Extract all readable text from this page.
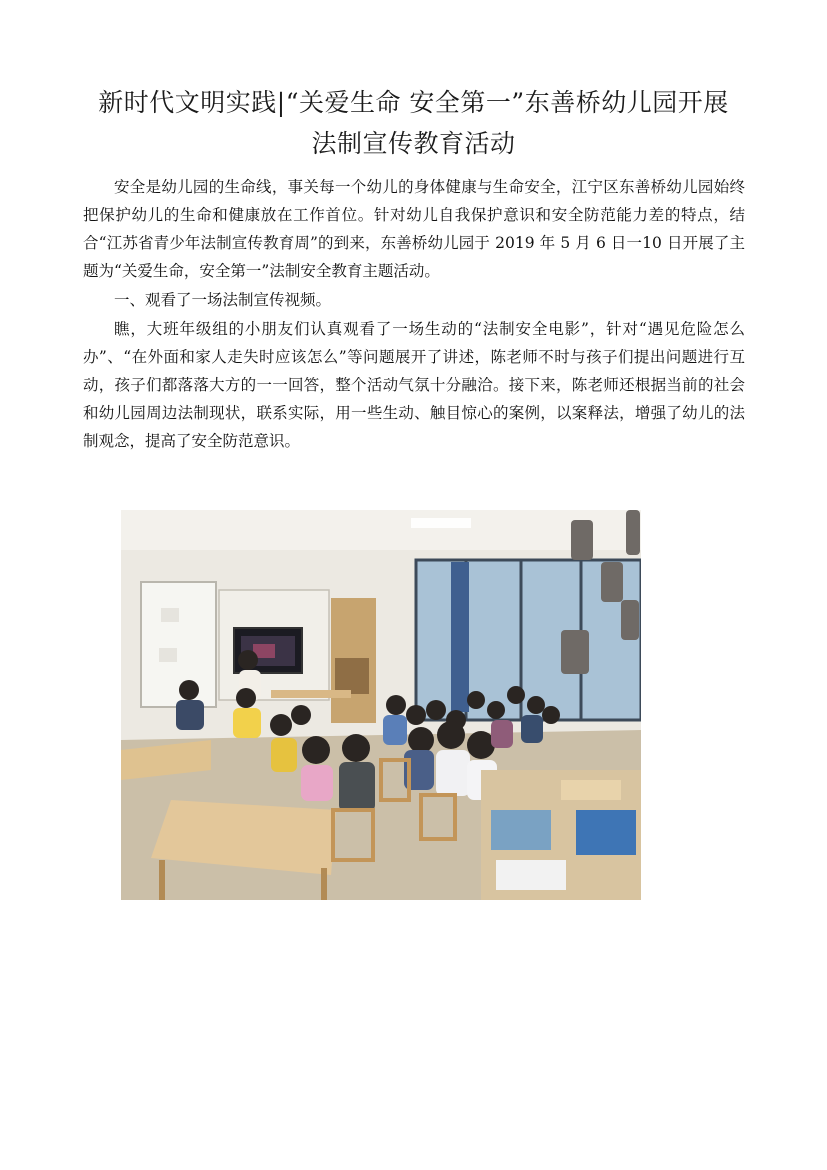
新时代文明实践|“关爱生命 安全第一”东善桥幼儿园开展
法制宣传教育活动

安全是幼儿园的生命线，事关每一个幼儿的身体健康与生命安全，江宁区东善桥幼儿园始终把保护幼儿的生命和健康放在工作首位。针对幼儿自我保护意识和安全防范能力差的特点，结合“江苏省青少年法制宣传教育周”的到来，东善桥幼儿园于 2019 年 5 月 6 日一10 日开展了主题为“关爱生命，安全第一”法制安全教育主题活动。

一、观看了一场法制宣传视频。

瞧，大班年级组的小朋友们认真观看了一场生动的“法制安全电影”，针对“遇见危险怎么办”、“在外面和家人走失时应该怎么”等问题展开了讲述，陈老师不时与孩子们提出问题进行互动，孩子们都落落大方的一一回答，整个活动气氛十分融洽。接下来，陈老师还根据当前的社会和幼儿园周边法制现状，联系实际，用一些生动、触目惊心的案例，以案释法，增强了幼儿的法制观念，提高了安全防范意识。
